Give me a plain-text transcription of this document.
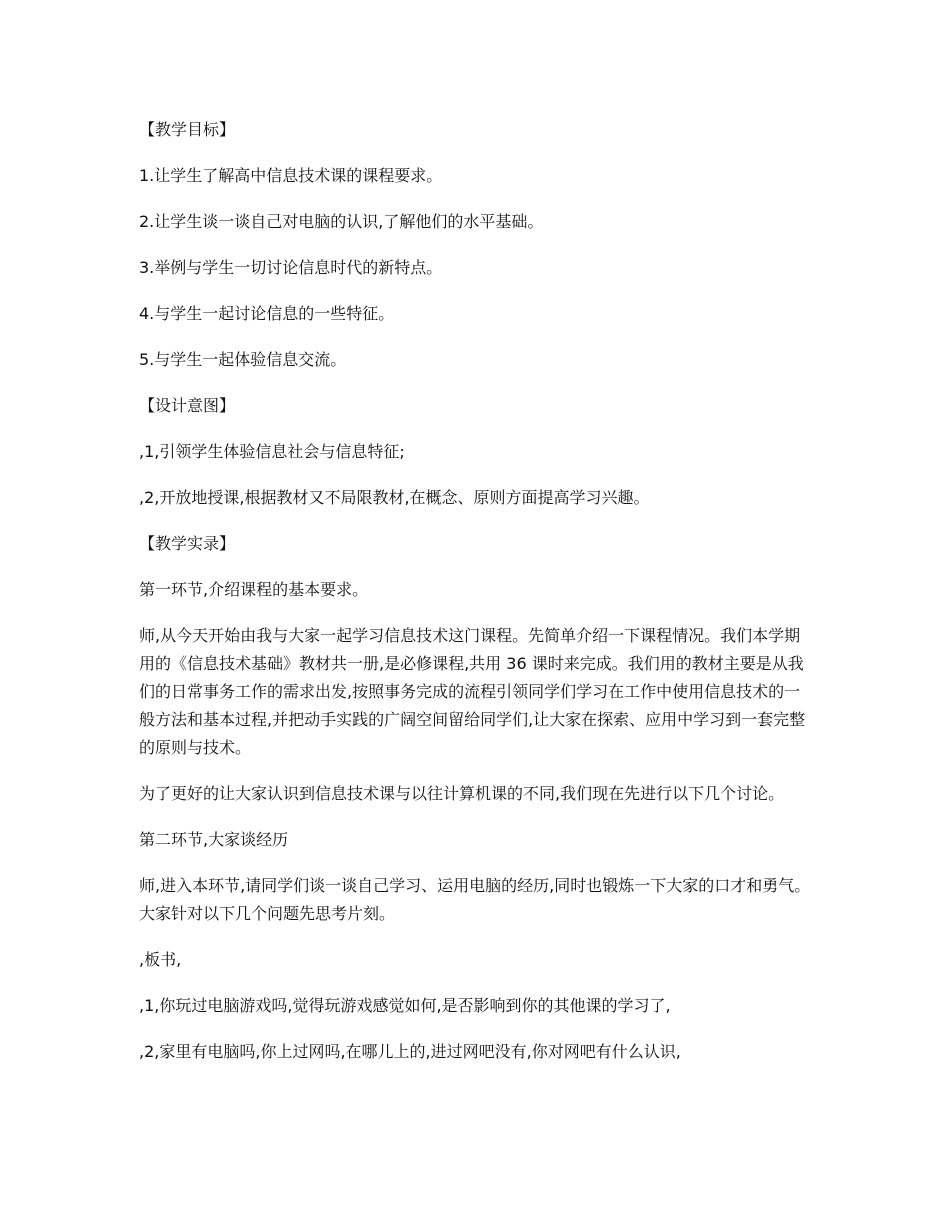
【教学目标】

1.让学生了解高中信息技术课的课程要求。

2.让学生谈一谈自己对电脑的认识,了解他们的水平基础。

3.举例与学生一切讨论信息时代的新特点。

4.与学生一起讨论信息的一些特征。

5.与学生一起体验信息交流。

【设计意图】

,1,引领学生体验信息社会与信息特征;

,2,开放地授课,根据教材又不局限教材,在概念、原则方面提高学习兴趣。

【教学实录】

第一环节,介绍课程的基本要求。

师,从今天开始由我与大家一起学习信息技术这门课程。先简单介绍一下课程情况。我们本学期用的《信息技术基础》教材共一册,是必修课程,共用 36 课时来完成。我们用的教材主要是从我们的日常事务工作的需求出发,按照事务完成的流程引领同学们学习在工作中使用信息技术的一般方法和基本过程,并把动手实践的广阔空间留给同学们,让大家在探索、应用中学习到一套完整的原则与技术。

为了更好的让大家认识到信息技术课与以往计算机课的不同,我们现在先进行以下几个讨论。

第二环节,大家谈经历

师,进入本环节,请同学们谈一谈自己学习、运用电脑的经历,同时也锻炼一下大家的口才和勇气。大家针对以下几个问题先思考片刻。

,板书,

,1,你玩过电脑游戏吗,觉得玩游戏感觉如何,是否影响到你的其他课的学习了,

,2,家里有电脑吗,你上过网吗,在哪儿上的,进过网吧没有,你对网吧有什么认识,
